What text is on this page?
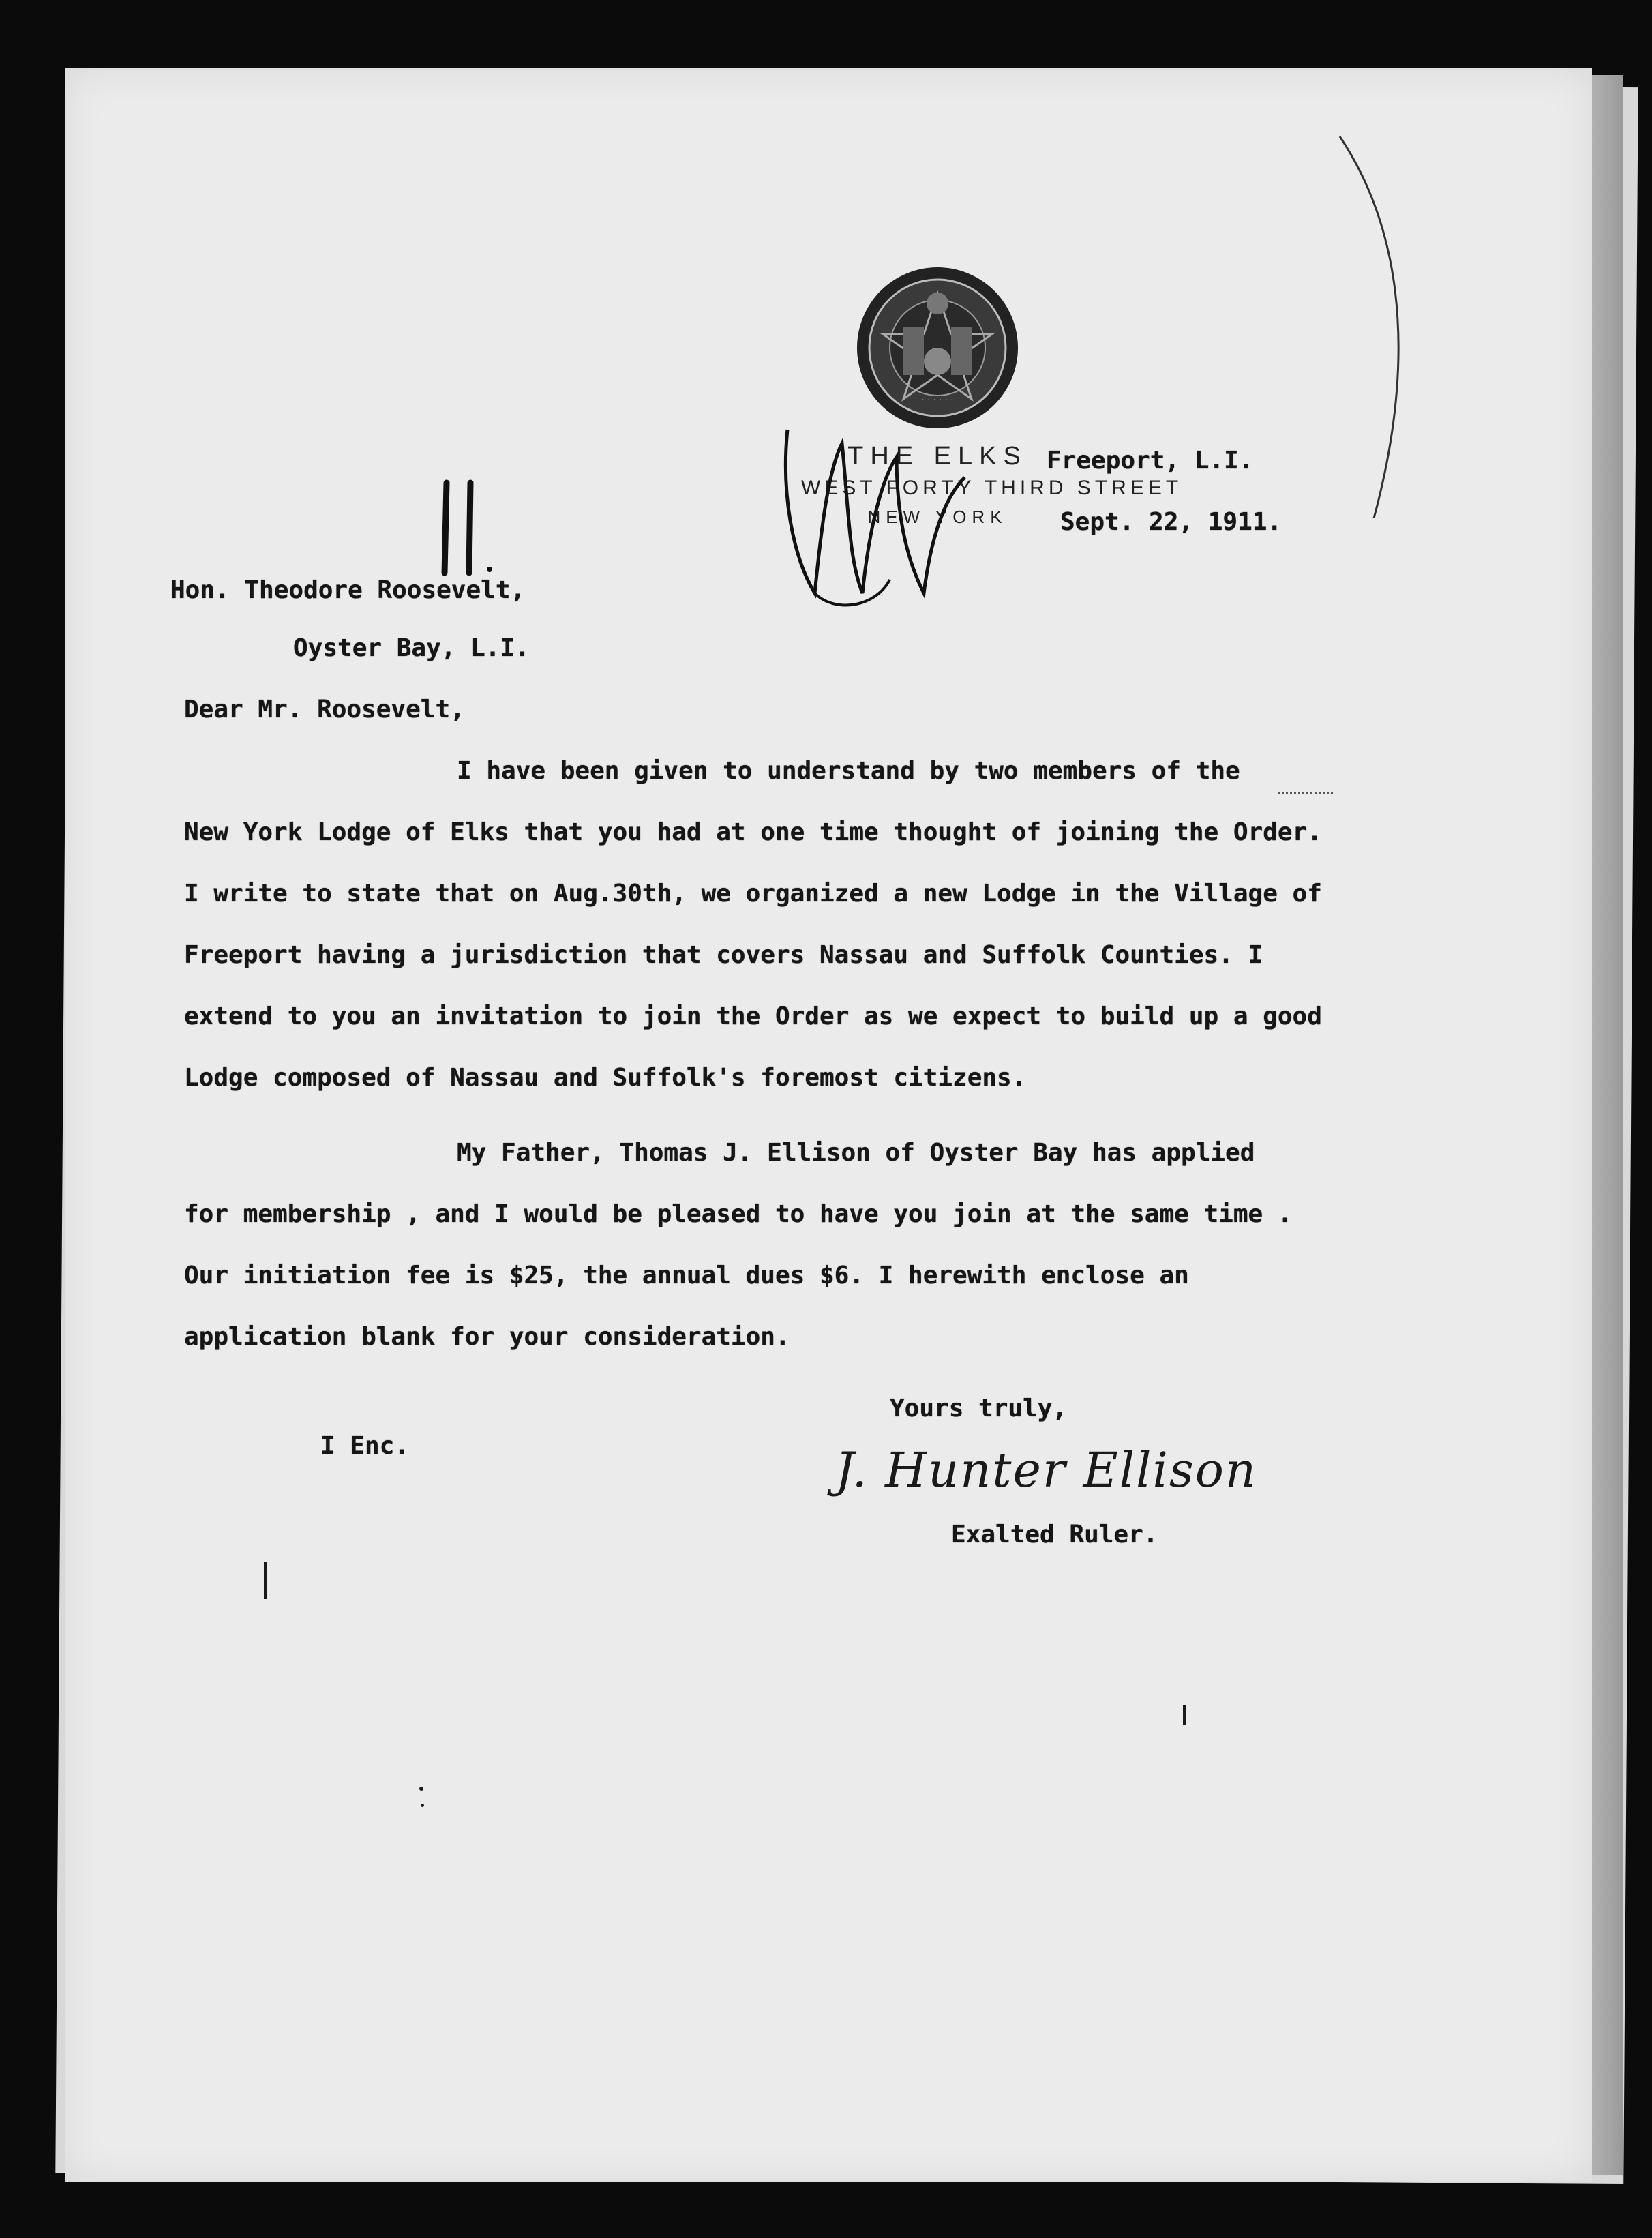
· · · · · ·
THE ELKS
WEST FORTY THIRD STREET
NEW YORK

Freeport, L.I.

Sept. 22, 1911.

Hon. Theodore Roosevelt,

Oyster Bay, L.I.

Dear Mr. Roosevelt,

I have been given to understand by two members of the

New York Lodge of Elks that you had at one time thought of joining the Order.

I write to state that on Aug.30th, we organized a new Lodge in the Village of

Freeport having a jurisdiction that covers Nassau and Suffolk Counties. I

extend to you an invitation to join the Order as we expect to build up a good

Lodge composed of Nassau and Suffolk's foremost citizens.

My Father, Thomas J. Ellison of Oyster Bay has applied

for membership , and I would be pleased to have you join at the same time .

Our initiation fee is $25, the annual dues $6. I herewith enclose an

application blank for your consideration.

Yours truly,

I Enc.	J. Hunter Ellison

Exalted Ruler.
